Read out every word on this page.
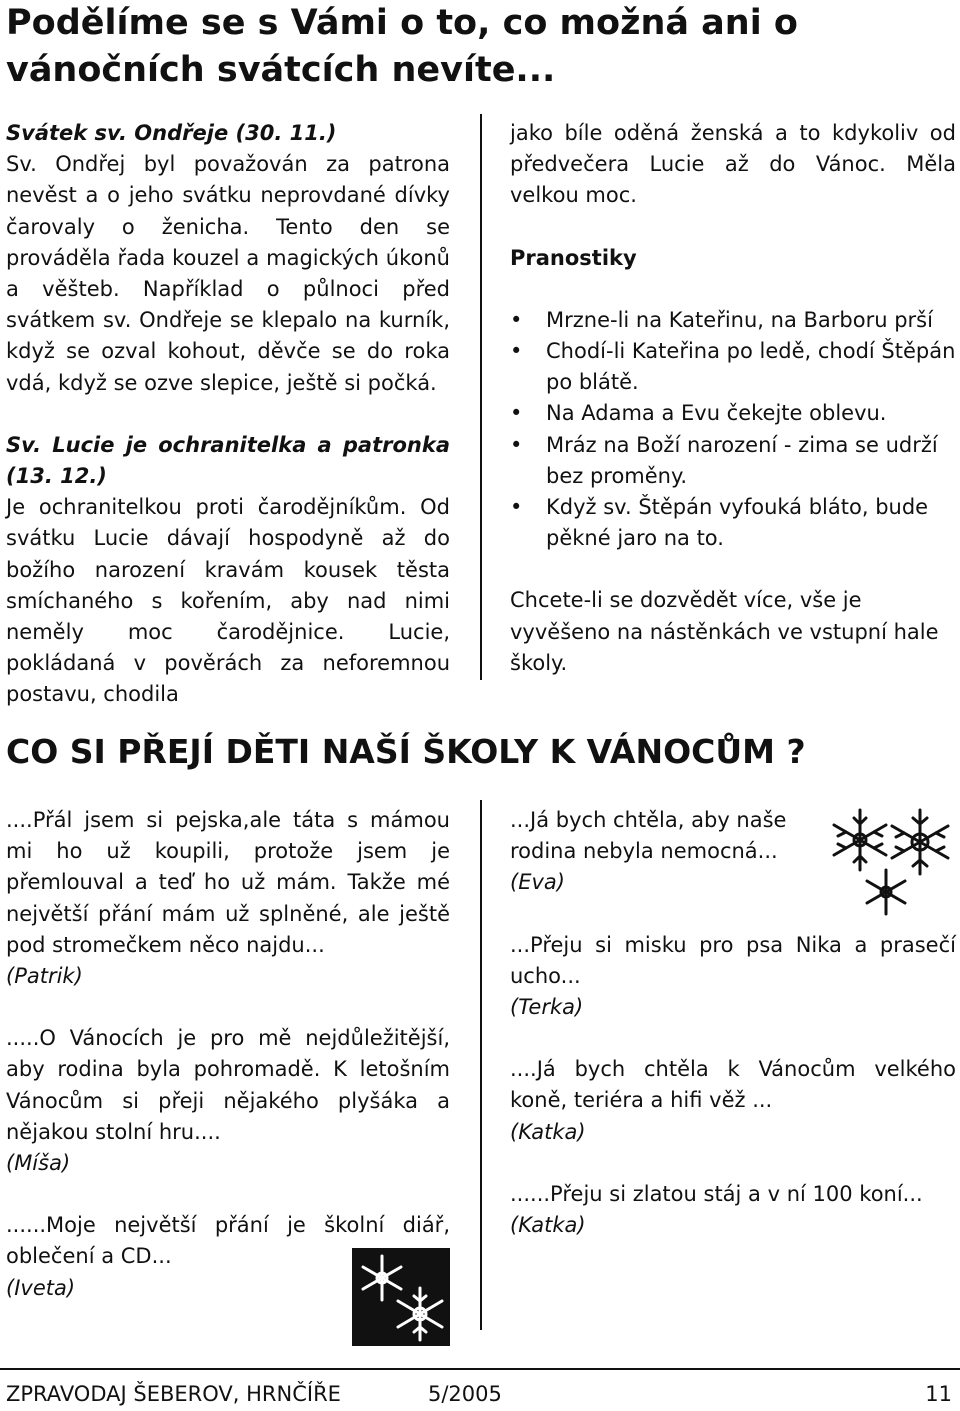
Podělíme se s Vámi o to, co možná ani o vánočních svátcích nevíte...

Svátek sv. Ondřeje (30. 11.)

Sv. Ondřej byl považován za patrona nevěst a o jeho svátku neprovdané dívky čarovaly o ženicha. Tento den se prováděla řada kouzel a magických úkonů a věšteb. Například o půlnoci před svátkem sv. Ondřeje se klepalo na kurník, když se ozval kohout, děvče se do roka vdá, když se ozve slepice, ještě si počká.

Sv. Lucie je ochranitelka a patronka (13. 12.)

Je ochranitelkou proti čarodějníkům. Od svátku Lucie dávají hospodyně až do božího narození kravám kousek těsta smíchaného s kořením, aby nad nimi neměly moc čarodějnice. Lucie, pokládaná v pověrách za neforemnou postavu, chodila

jako bíle oděná ženská a to kdykoliv od předvečera Lucie až do Vánoc. Měla velkou moc.

Pranostiky

• Mrzne-li na Kateřinu, na Barboru prší
• Chodí-li Kateřina po ledě, chodí Štěpán po blátě.
• Na Adama a Evu čekejte oblevu.
• Mráz na Boží narození - zima se udrží bez proměny.
• Když sv. Štěpán vyfouká bláto, bude pěkné jaro na to.

Chcete-li se dozvědět více, vše je vyvěšeno na nástěnkách ve vstupní hale školy.

CO SI PŘEJÍ DĚTI NAŠÍ ŠKOLY K VÁNOCŮM ?

....Přál jsem si pejska,ale táta s mámou mi ho už koupili, protože jsem je přemlouval a teď ho už mám. Takže mé největší přání mám už splněné, ale ještě pod stromečkem něco najdu...

(Patrik)

.....O Vánocích je pro mě nejdůležitější, aby rodina byla pohromadě. K letošním Vánocům si přeji nějakého plyšáka a nějakou stolní hru....

(Míša)

......Moje největší přání je školní diář, oblečení a CD...

(Iveta)

...Já bych chtěla, aby naše rodina nebyla nemocná...

(Eva)

...Přeju si misku pro psa Nika a prasečí ucho...

(Terka)

....Já bych chtěla k Vánocům velkého koně, teriéra a hifi věž ...

(Katka)

......Přeju si zlatou stáj a v ní 100 koní...

(Katka)

ZPRAVODAJ ŠEBEROV, HRNČÍŘE	5/2005	11
